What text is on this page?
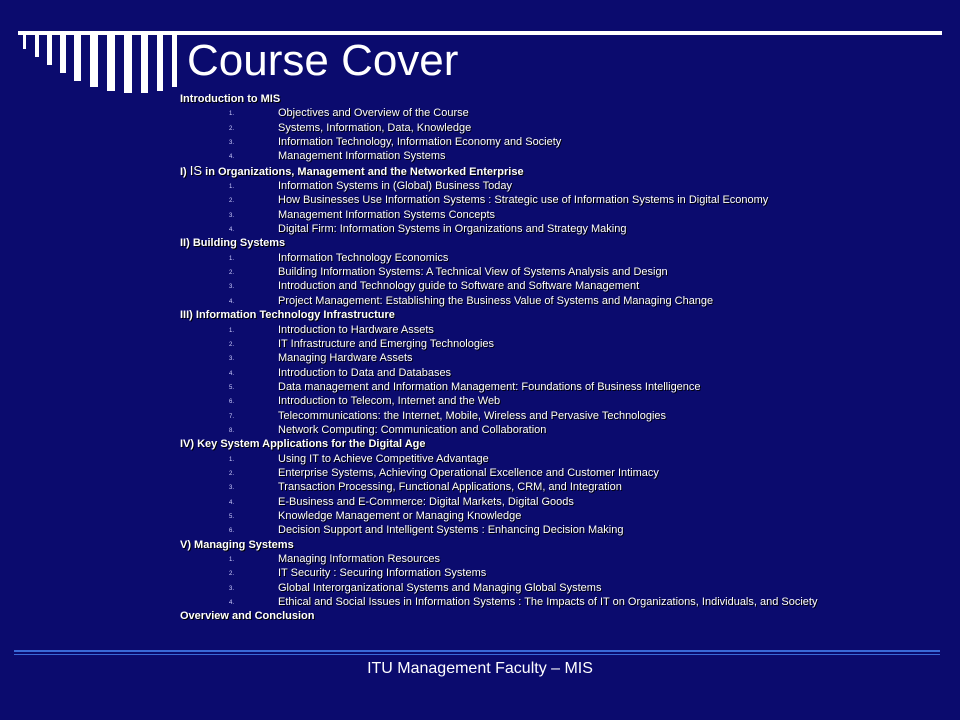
Course Cover
Introduction to MIS
1.	Objectives and Overview of the Course
2.	Systems, Information, Data, Knowledge
3.	Information Technology, Information Economy and Society
4.	Management Information Systems
I) IS in Organizations, Management and the Networked Enterprise
1.	Information Systems in (Global) Business Today
2.	How Businesses Use Information Systems : Strategic use of Information Systems in Digital Economy
3.	Management Information Systems Concepts
4.	Digital Firm: Information Systems in Organizations and Strategy Making
II) Building Systems
1.	Information Technology Economics
2.	Building Information Systems: A Technical View of Systems Analysis and Design
3.	Introduction and Technology guide to Software and Software Management
4.	Project Management: Establishing the Business Value of Systems and Managing Change
III) Information Technology Infrastructure
1.	Introduction to Hardware Assets
2.	IT Infrastructure and Emerging Technologies
3.	Managing Hardware Assets
4.	Introduction to Data and Databases
5.	Data management and Information Management: Foundations of Business Intelligence
6.	Introduction to Telecom, Internet and the Web
7.	Telecommunications: the Internet, Mobile, Wireless and Pervasive Technologies
8.	Network Computing: Communication and Collaboration
IV) Key System Applications for the Digital Age
1.	Using IT to Achieve Competitive Advantage
2.	Enterprise Systems, Achieving Operational Excellence and Customer Intimacy
3.	Transaction Processing, Functional Applications, CRM, and Integration
4.	E-Business and E-Commerce: Digital Markets, Digital Goods
5.	Knowledge Management or Managing Knowledge
6.	Decision Support and Intelligent Systems : Enhancing Decision Making
V) Managing Systems
1.	Managing Information Resources
2.	IT Security : Securing Information Systems
3.	Global Interorganizational Systems and Managing Global Systems
4.	Ethical and Social Issues in Information Systems : The Impacts of IT on Organizations, Individuals, and Society
Overview and Conclusion
ITU Management Faculty – MIS
